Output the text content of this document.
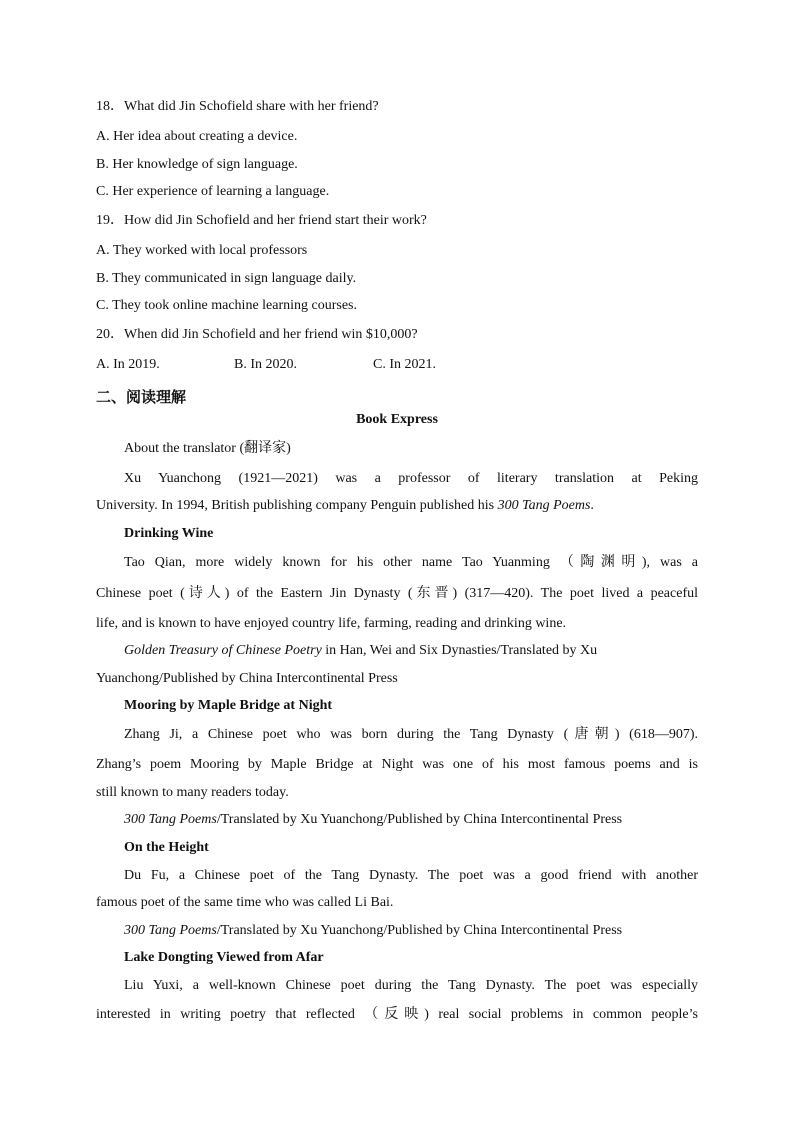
18．What did Jin Schofield share with her friend?
A. Her idea about creating a device.
B. Her knowledge of sign language.
C. Her experience of learning a language.
19．How did Jin Schofield and her friend start their work?
A. They worked with local professors
B. They communicated in sign language daily.
C. They took online machine learning courses.
20．When did Jin Schofield and her friend win $10,000?
A. In 2019.	B. In 2020.	C. In 2021.
二、阅读理解
Book Express
About the translator (翻译家)
Xu Yuanchong (1921—2021) was a professor of literary translation at Peking
University. In 1994, British publishing company Penguin published his 300 Tang Poems.
Drinking Wine
Tao Qian, more widely known for his other name Tao Yuanming （陶渊明), was a
Chinese poet (诗人) of the Eastern Jin Dynasty (东晋) (317—420). The poet lived a peaceful
life, and is known to have enjoyed country life, farming, reading and drinking wine.
Golden Treasury of Chinese Poetry in Han, Wei and Six Dynasties/Translated by Xu
Yuanchong/Published by China Intercontinental Press
Mooring by Maple Bridge at Night
Zhang Ji, a Chinese poet who was born during the Tang Dynasty (唐朝) (618—907).
Zhang’s poem Mooring by Maple Bridge at Night was one of his most famous poems and is
still known to many readers today.
300 Tang Poems/Translated by Xu Yuanchong/Published by China Intercontinental Press
On the Height
Du Fu, a Chinese poet of the Tang Dynasty. The poet was a good friend with another
famous poet of the same time who was called Li Bai.
300 Tang Poems/Translated by Xu Yuanchong/Published by China Intercontinental Press
Lake Dongting Viewed from Afar
Liu Yuxi, a well-known Chinese poet during the Tang Dynasty. The poet was especially
interested in writing poetry that reflected （反映) real social problems in common people’s
